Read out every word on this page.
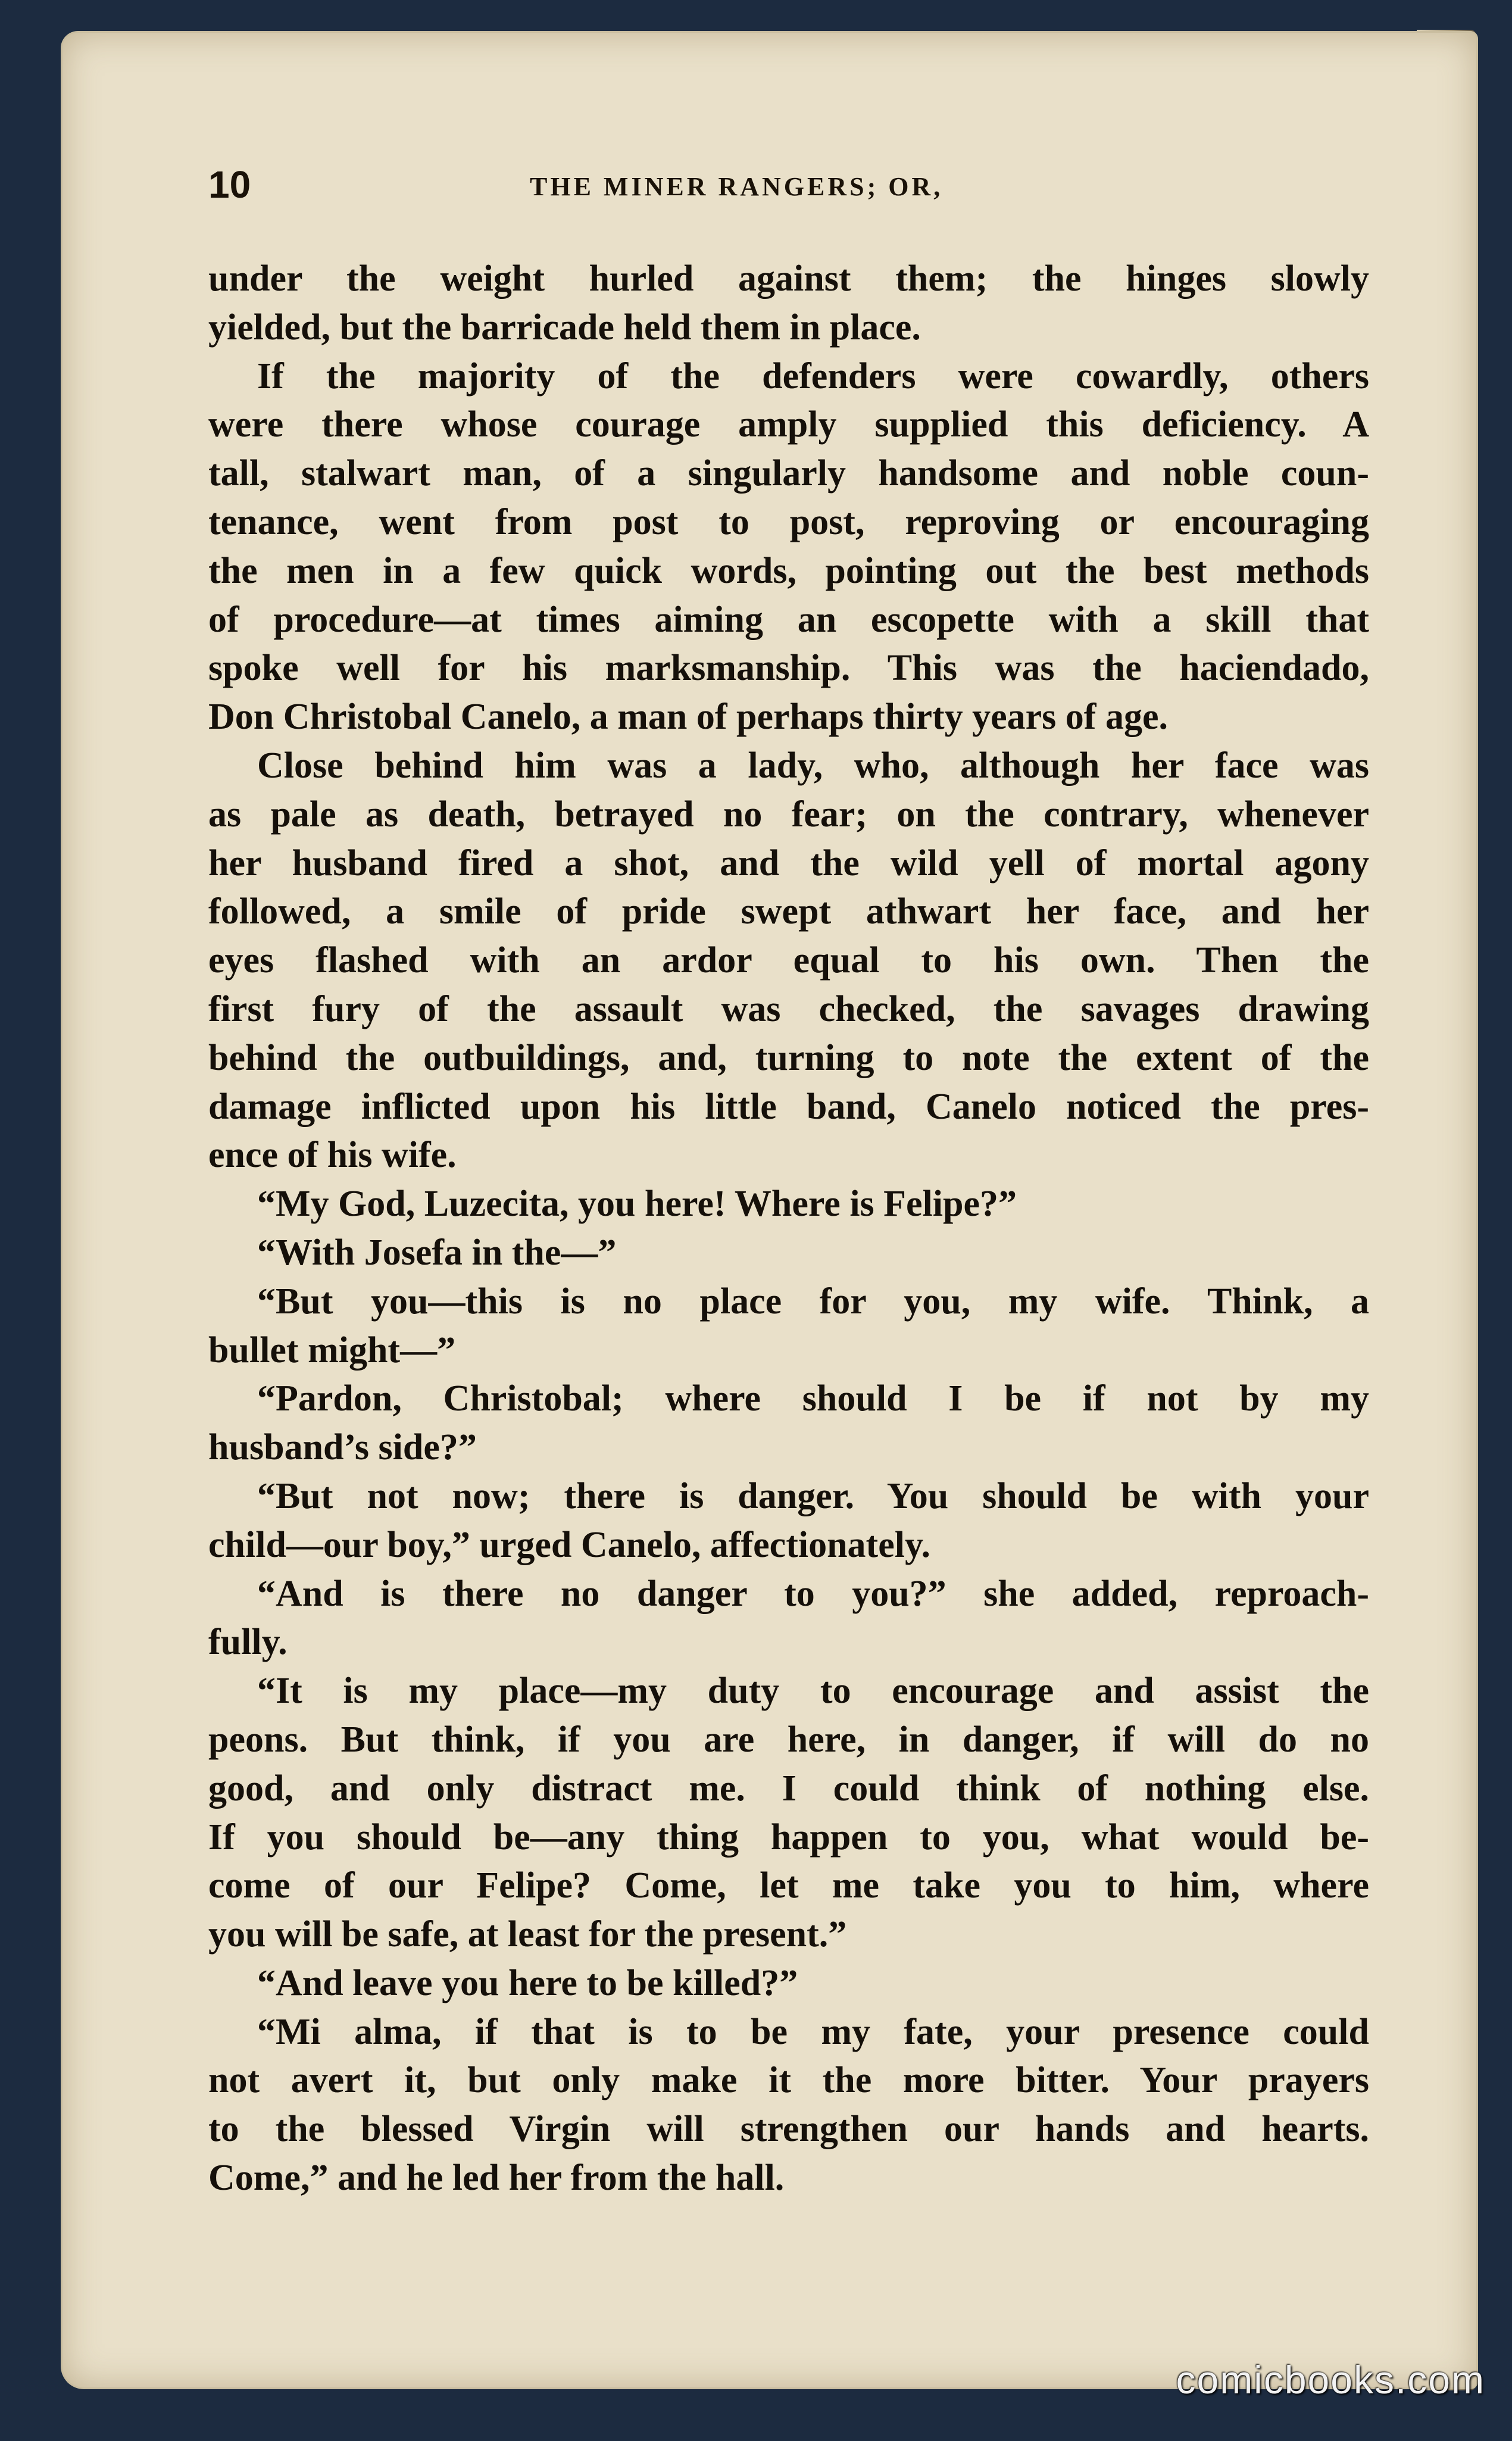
10	THE MINER RANGERS; OR,
under the weight hurled against them; the hinges slowly
yielded, but the barricade held them in place.
If the majority of the defenders were cowardly, others
were there whose courage amply supplied this deficiency. A
tall, stalwart man, of a singularly handsome and noble coun-
tenance, went from post to post, reproving or encouraging
the men in a few quick words, pointing out the best methods
of procedure—at times aiming an escopette with a skill that
spoke well for his marksmanship. This was the haciendado,
Don Christobal Canelo, a man of perhaps thirty years of age.
Close behind him was a lady, who, although her face was
as pale as death, betrayed no fear; on the contrary, whenever
her husband fired a shot, and the wild yell of mortal agony
followed, a smile of pride swept athwart her face, and her
eyes flashed with an ardor equal to his own. Then the
first fury of the assault was checked, the savages drawing
behind the outbuildings, and, turning to note the extent of the
damage inflicted upon his little band, Canelo noticed the pres-
ence of his wife.
“My God, Luzecita, you here! Where is Felipe?”
“With Josefa in the—”
“But you—this is no place for you, my wife. Think, a
bullet might—”
“Pardon, Christobal; where should I be if not by my
husband’s side?”
“But not now; there is danger. You should be with your
child—our boy,” urged Canelo, affectionately.
“And is there no danger to you?” she added, reproach-
fully.
“It is my place—my duty to encourage and assist the
peons. But think, if you are here, in danger, if will do no
good, and only distract me. I could think of nothing else.
If you should be—any thing happen to you, what would be-
come of our Felipe? Come, let me take you to him, where
you will be safe, at least for the present.”
“And leave you here to be killed?”
“Mi alma, if that is to be my fate, your presence could
not avert it, but only make it the more bitter. Your prayers
to the blessed Virgin will strengthen our hands and hearts.
Come,” and he led her from the hall.
comicbooks.com
